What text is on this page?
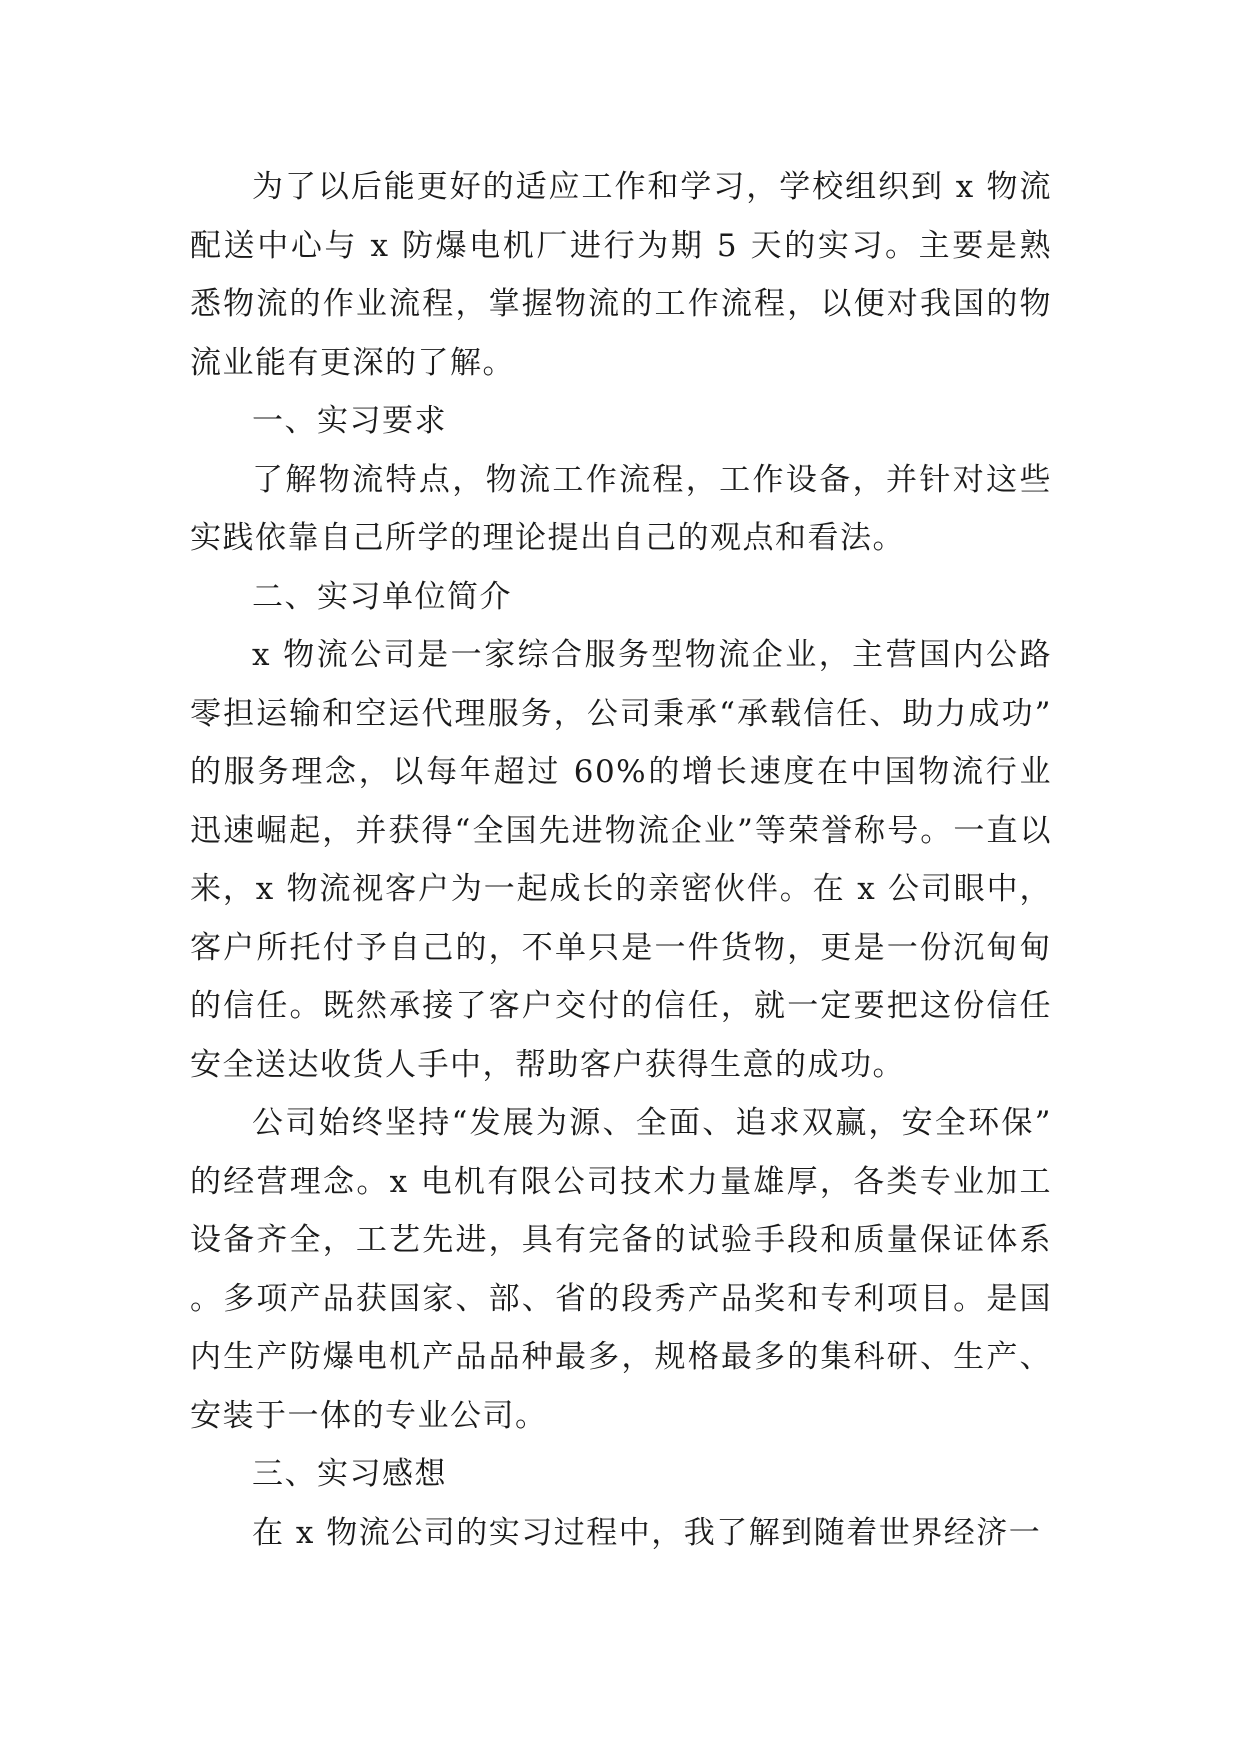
为了以后能更好的适应工作和学习，学校组织到 x 物流配送中心与 x 防爆电机厂进行为期 5 天的实习。主要是熟悉物流的作业流程，掌握物流的工作流程，以便对我国的物流业能有更深的了解。

一、实习要求

了解物流特点，物流工作流程，工作设备，并针对这些实践依靠自己所学的理论提出自己的观点和看法。

二、实习单位简介

x 物流公司是一家综合服务型物流企业，主营国内公路零担运输和空运代理服务，公司秉承“承载信任、助力成功”的服务理念，以每年超过 60%的增长速度在中国物流行业迅速崛起，并获得“全国先进物流企业”等荣誉称号。一直以来，x 物流视客户为一起成长的亲密伙伴。在 x 公司眼中，客户所托付予自己的，不单只是一件货物，更是一份沉甸甸的信任。既然承接了客户交付的信任，就一定要把这份信任安全送达收货人手中，帮助客户获得生意的成功。

公司始终坚持“发展为源、全面、追求双赢，安全环保”的经营理念。x 电机有限公司技术力量雄厚，各类专业加工设备齐全，工艺先进，具有完备的试验手段和质量保证体系。多项产品获国家、部、省的段秀产品奖和专利项目。是国内生产防爆电机产品品种最多，规格最多的集科研、生产、安装于一体的专业公司。

三、实习感想

在 x 物流公司的实习过程中，我了解到随着世界经济一
